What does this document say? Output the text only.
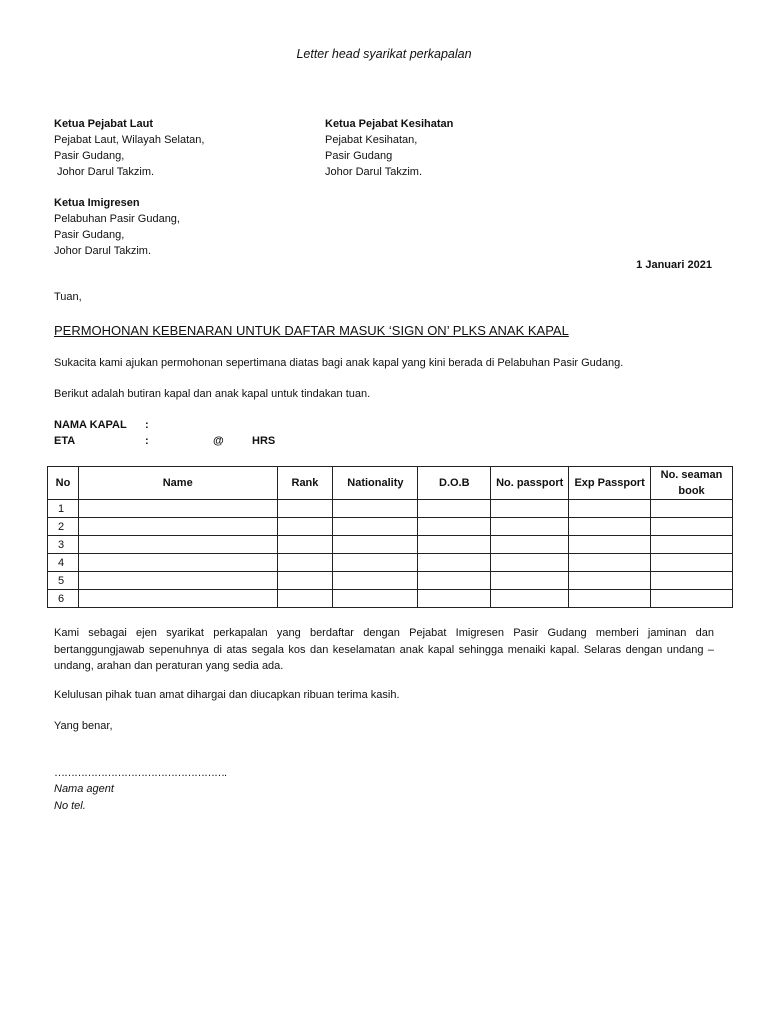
Letter head syarikat perkapalan
Ketua Pejabat Laut
Pejabat Laut, Wilayah Selatan,
Pasir Gudang,
Johor Darul Takzim.
Ketua Pejabat Kesihatan
Pejabat Kesihatan,
Pasir Gudang
Johor Darul Takzim.
Ketua Imigresen
Pelabuhan Pasir Gudang,
Pasir Gudang,
Johor Darul Takzim.
1 Januari 2021
Tuan,
PERMOHONAN KEBENARAN UNTUK DAFTAR MASUK ‘SIGN ON’ PLKS ANAK KAPAL
Sukacita kami ajukan permohonan sepertimana diatas bagi anak kapal yang kini berada di Pelabuhan Pasir Gudang.
Berikut adalah butiran kapal dan anak kapal untuk tindakan tuan.
NAMA KAPAL :
ETA	:	@	HRS
No	Name	Rank	Nationality	D.O.B	No. passport	Exp Passport	No. seaman book
1							
2							
3							
4							
5							
6							
Kami sebagai ejen syarikat perkapalan yang berdaftar dengan Pejabat Imigresen Pasir Gudang memberi jaminan dan bertanggungjawab sepenuhnya di atas segala kos dan keselamatan anak kapal sehingga menaiki kapal. Selaras dengan undang – undang, arahan dan peraturan yang sedia ada.
Kelulusan pihak tuan amat dihargai dan diucapkan ribuan terima kasih.
Yang benar,
…………………………………………….
Nama agent
No tel.
